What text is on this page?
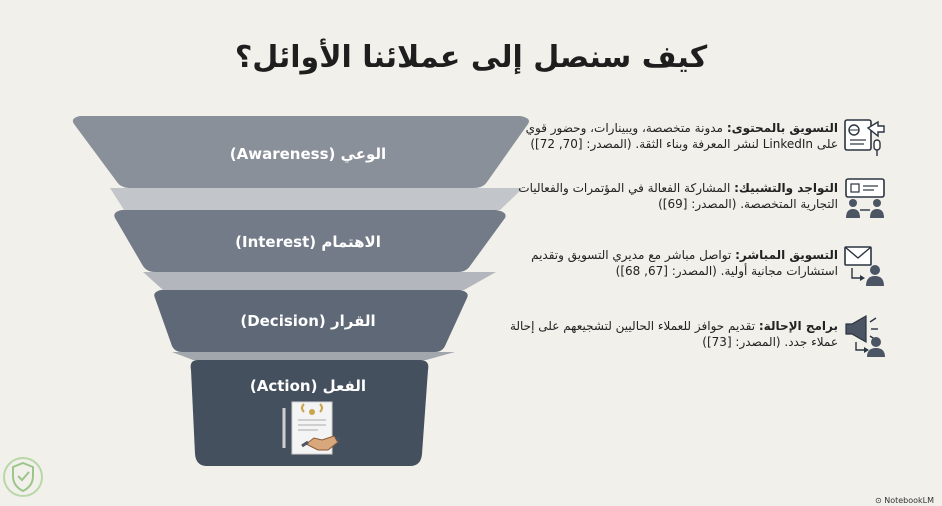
كيف سنصل إلى عملائنا الأوائل؟
الوعي (Awareness)
الاهتمام (Interest)
القرار (Decision)
الفعل (Action)
التسويق بالمحتوى: مدونة متخصصة، ويبينارات، وحضور قوي على LinkedIn لنشر المعرفة وبناء الثقة. (المصدر: [70, 72])
التواجد والتشبيك: المشاركة الفعالة في المؤتمرات والفعاليات التجارية المتخصصة. (المصدر: [69])
التسويق المباشر: تواصل مباشر مع مديري التسويق وتقديم استشارات مجانية أولية. (المصدر: [67, 68])
برامج الإحالة: تقديم حوافز للعملاء الحاليين لتشجيعهم على إحالة عملاء جدد. (المصدر: [73])
⊙ NotebookLM
